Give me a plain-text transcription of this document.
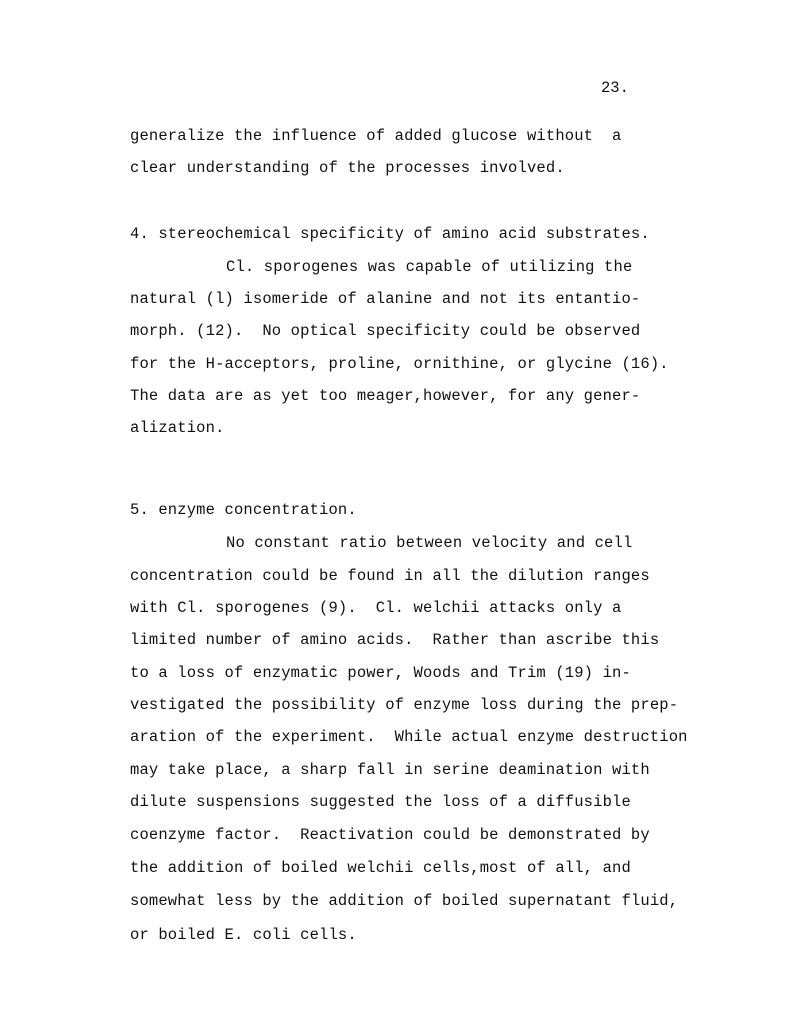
23.
generalize the influence of added glucose without  a
clear understanding of the processes involved.
4. stereochemical specificity of amino acid substrates.
Cl. sporogenes was capable of utilizing the
natural (l) isomeride of alanine and not its entantio-
morph. (12).  No optical specificity could be observed
for the H-acceptors, proline, ornithine, or glycine (16).
The data are as yet too meager,however, for any gener-
alization.
5. enzyme concentration.
No constant ratio between velocity and cell
concentration could be found in all the dilution ranges
with Cl. sporogenes (9).  Cl. welchii attacks only a
limited number of amino acids.  Rather than ascribe this
to a loss of enzymatic power, Woods and Trim (19) in-
vestigated the possibility of enzyme loss during the prep-
aration of the experiment.  While actual enzyme destruction
may take place, a sharp fall in serine deamination with
dilute suspensions suggested the loss of a diffusible
coenzyme factor.  Reactivation could be demonstrated by
the addition of boiled welchii cells,most of all, and
somewhat less by the addition of boiled supernatant fluid,
or boiled E. coli cells.
